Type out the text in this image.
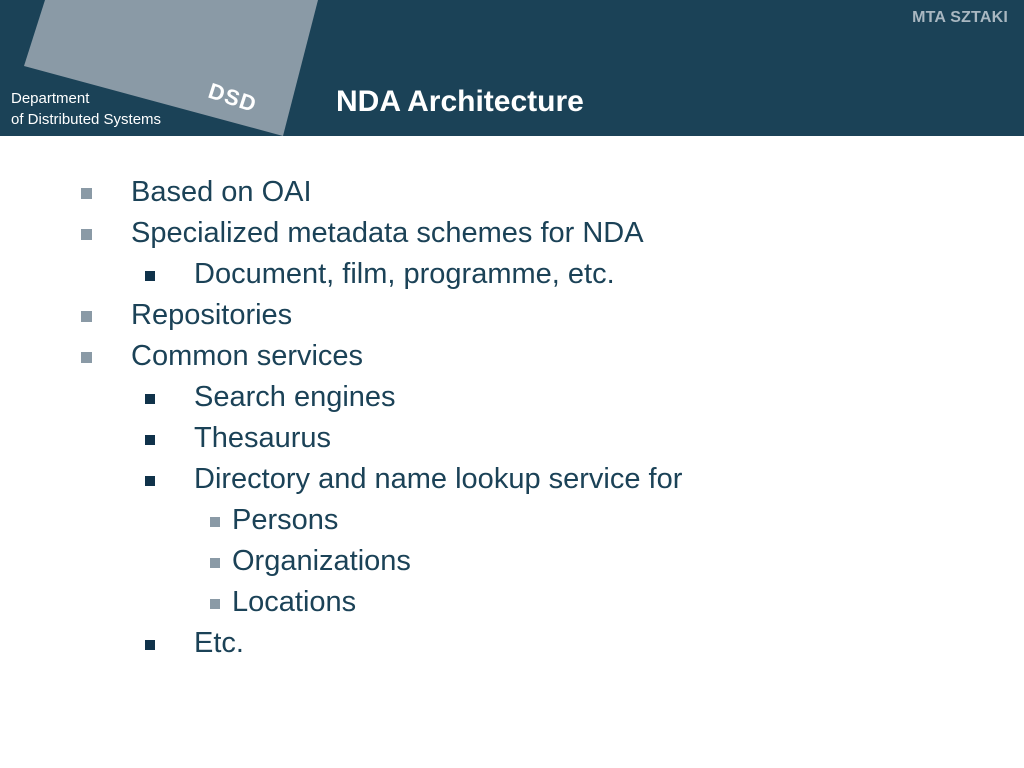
MTA SZTAKI
Department
of Distributed Systems
DSD	NDA Architecture
Based on OAI
Specialized metadata schemes for NDA
Document, film, programme, etc.
Repositories
Common services
Search engines
Thesaurus
Directory and name lookup service for
Persons
Organizations
Locations
Etc.
